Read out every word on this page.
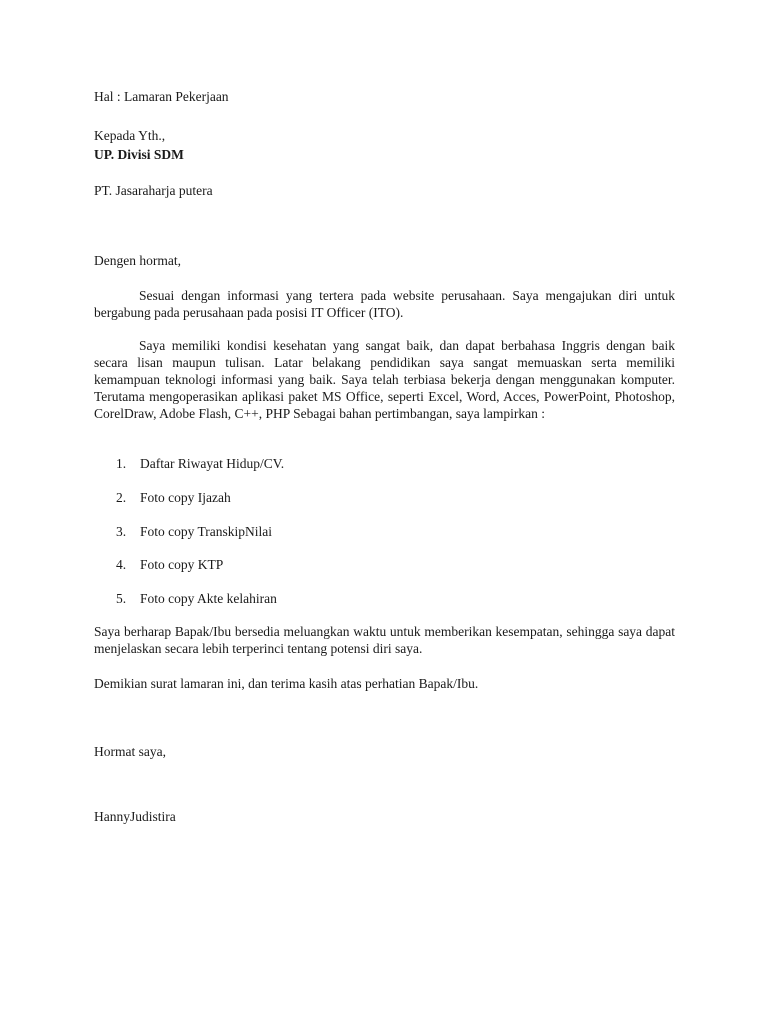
Hal : Lamaran Pekerjaan
Kepada Yth.,
UP. Divisi SDM
PT. Jasaraharja putera
Dengen hormat,
Sesuai dengan informasi yang tertera pada website perusahaan. Saya mengajukan diri untuk bergabung pada perusahaan pada posisi IT Officer (ITO).
Saya memiliki kondisi kesehatan yang sangat baik, dan dapat berbahasa Inggris dengan baik secara lisan maupun tulisan. Latar belakang pendidikan saya sangat memuaskan serta memiliki kemampuan teknologi informasi yang baik. Saya telah terbiasa bekerja dengan menggunakan komputer. Terutama mengoperasikan aplikasi paket MS Office, seperti Excel, Word, Acces, PowerPoint, Photoshop, CorelDraw, Adobe Flash, C++, PHP Sebagai bahan pertimbangan, saya lampirkan :
1. Daftar Riwayat Hidup/CV.
2. Foto copy Ijazah
3. Foto copy TranskipNilai
4. Foto copy KTP
5. Foto copy Akte kelahiran
Saya berharap Bapak/Ibu bersedia meluangkan waktu untuk memberikan kesempatan, sehingga saya dapat menjelaskan secara lebih terperinci tentang potensi diri saya.
Demikian surat lamaran ini, dan terima kasih atas perhatian Bapak/Ibu.
Hormat saya,
HannyJudistira
